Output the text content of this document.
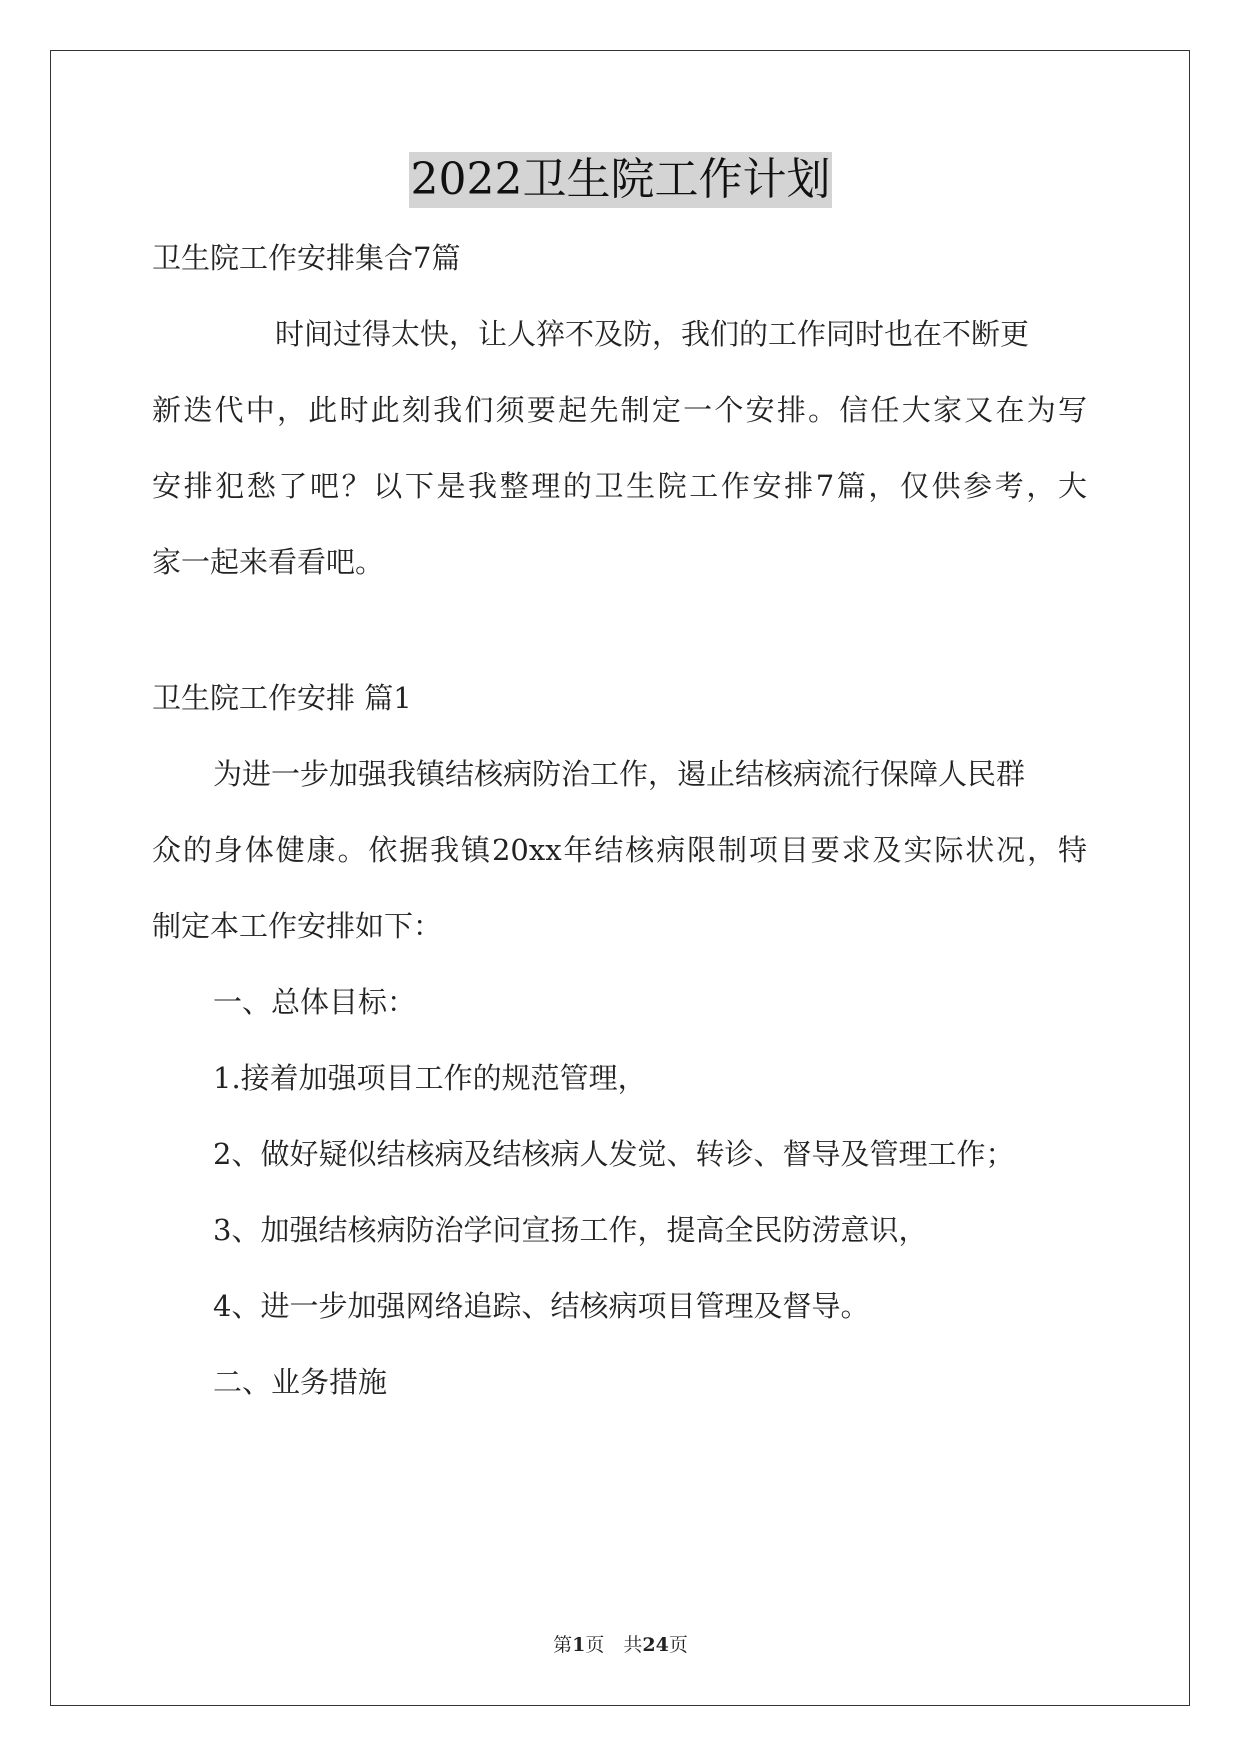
2022卫生院工作计划
卫生院工作安排集合7篇
时间过得太快，让人猝不及防，我们的工作同时也在不断更
新迭代中，此时此刻我们须要起先制定一个安排。信任大家又在为写
安排犯愁了吧？以下是我整理的卫生院工作安排7篇，仅供参考，大
家一起来看看吧。
卫生院工作安排 篇1
为进一步加强我镇结核病防治工作，遏止结核病流行保障人民群
众的身体健康。依据我镇20xx年结核病限制项目要求及实际状况，特
制定本工作安排如下：
一、总体目标：
1.接着加强项目工作的规范管理，
2、做好疑似结核病及结核病人发觉、转诊、督导及管理工作；
3、加强结核病防治学问宣扬工作，提高全民防涝意识，
4、进一步加强网络追踪、结核病项目管理及督导。
二、业务措施
第1页　共24页
